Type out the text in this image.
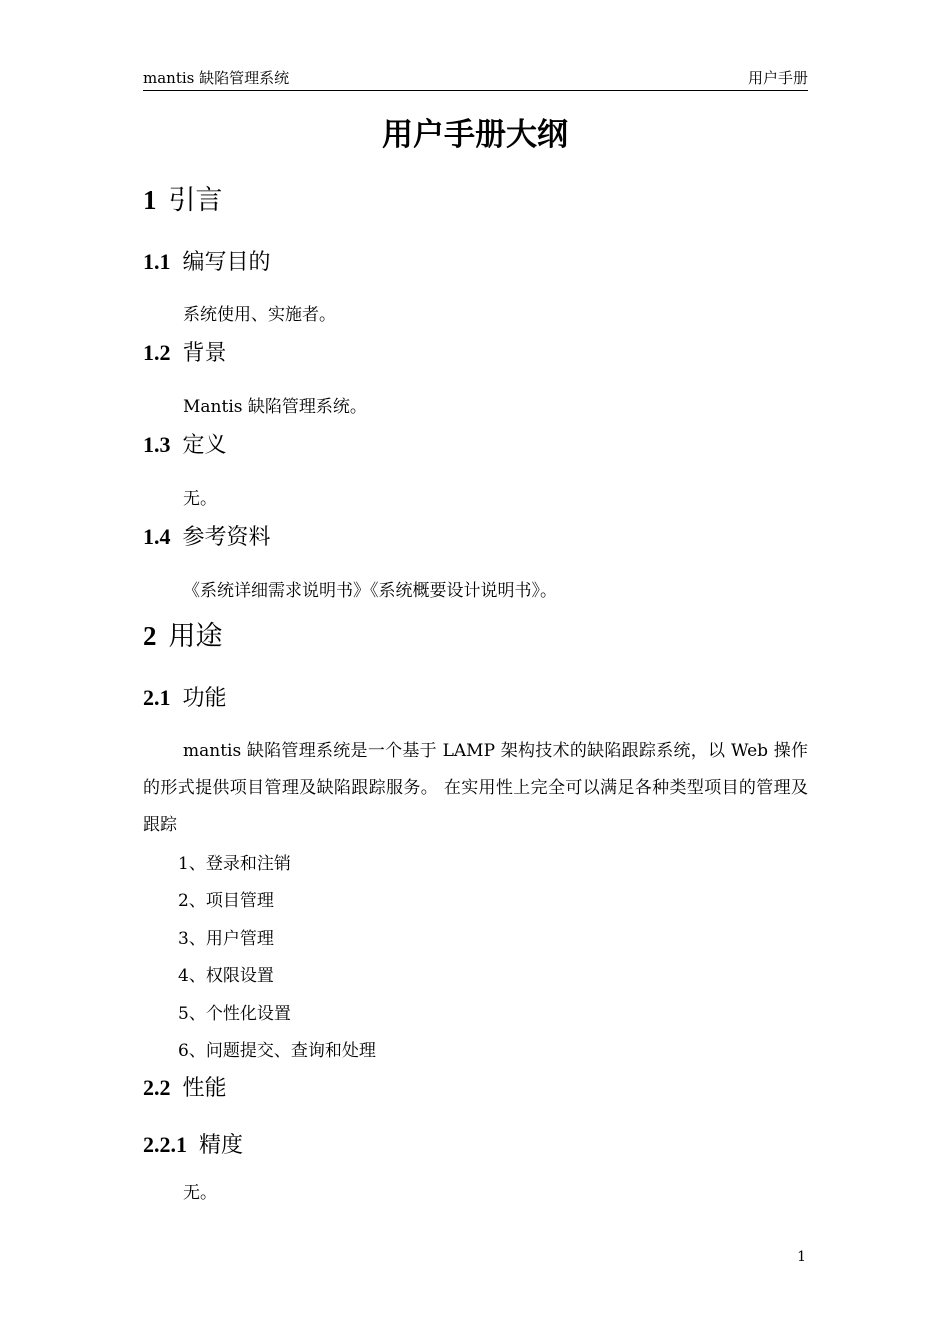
mantis 缺陷管理系统	用户手册
用户手册大纲
1 引言
1.1 编写目的

系统使用、实施者。

1.2 背景

Mantis 缺陷管理系统。

1.3 定义

无。

1.4 参考资料

《系统详细需求说明书》《系统概要设计说明书》。

2 用途
2.1 功能

mantis 缺陷管理系统是一个基于 LAMP 架构技术的缺陷跟踪系统，以 Web 操作的形式提供项目管理及缺陷跟踪服务。 在实用性上完全可以满足各种类型项目的管理及跟踪

1、登录和注销
2、项目管理
3、用户管理
4、权限设置
5、个性化设置
6、问题提交、查询和处理
2.2 性能
2.2.1 精度

无。

1
